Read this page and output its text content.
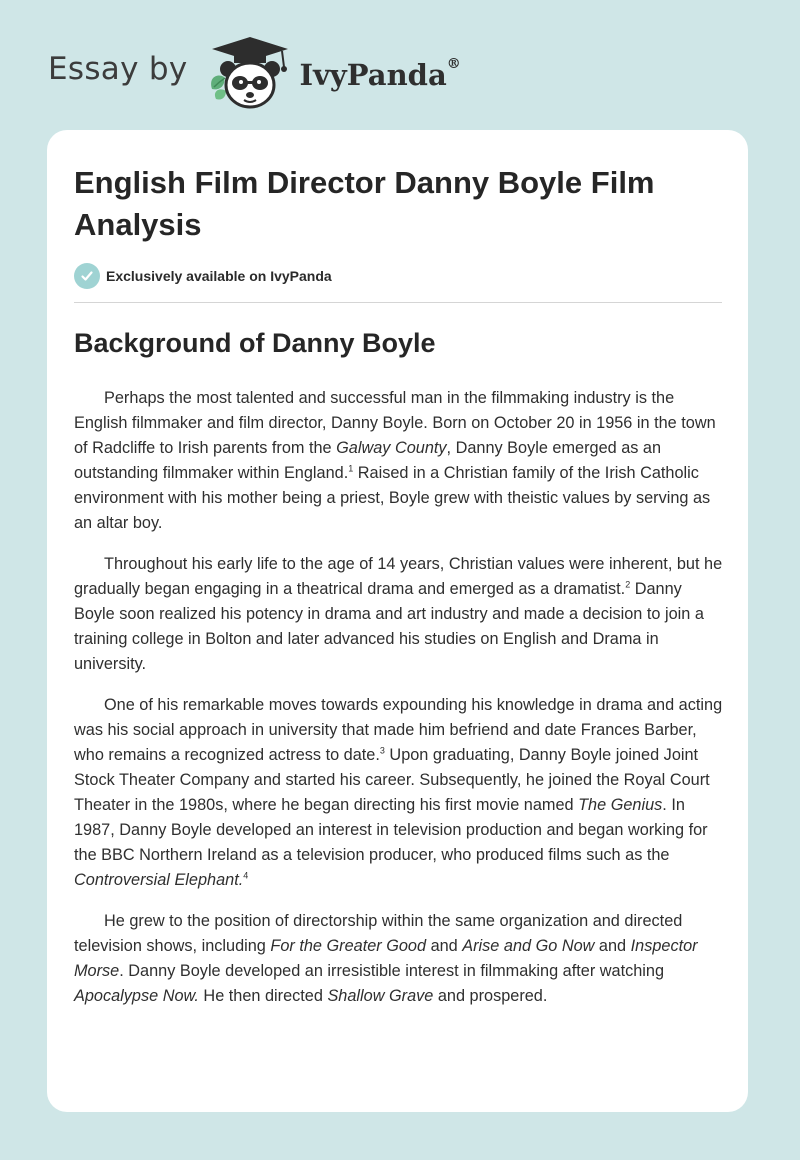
Essay by	IvyPanda®
English Film Director Danny Boyle Film Analysis
Exclusively available on IvyPanda
Background of Danny Boyle

Perhaps the most talented and successful man in the filmmaking industry is the English filmmaker and film director, Danny Boyle. Born on October 20 in 1956 in the town of Radcliffe to Irish parents from the Galway County, Danny Boyle emerged as an outstanding filmmaker within England.$^1$ Raised in a Christian family of the Irish Catholic environment with his mother being a priest, Boyle grew with theistic values by serving as an altar boy.

Throughout his early life to the age of 14 years, Christian values were inherent, but he gradually began engaging in a theatrical drama and emerged as a dramatist.$^2$ Danny Boyle soon realized his potency in drama and art industry and made a decision to join a training college in Bolton and later advanced his studies on English and Drama in university.

One of his remarkable moves towards expounding his knowledge in drama and acting was his social approach in university that made him befriend and date Frances Barber, who remains a recognized actress to date.$^3$ Upon graduating, Danny Boyle joined Joint Stock Theater Company and started his career. Subsequently, he joined the Royal Court Theater in the 1980s, where he began directing his first movie named The Genius. In 1987, Danny Boyle developed an interest in television production and began working for the BBC Northern Ireland as a television producer, who produced films such as the Controversial Elephant.$^4$

He grew to the position of directorship within the same organization and directed television shows, including For the Greater Good and Arise and Go Now and Inspector Morse. Danny Boyle developed an irresistible interest in filmmaking after watching Apocalypse Now. He then directed Shallow Grave and prospered.
